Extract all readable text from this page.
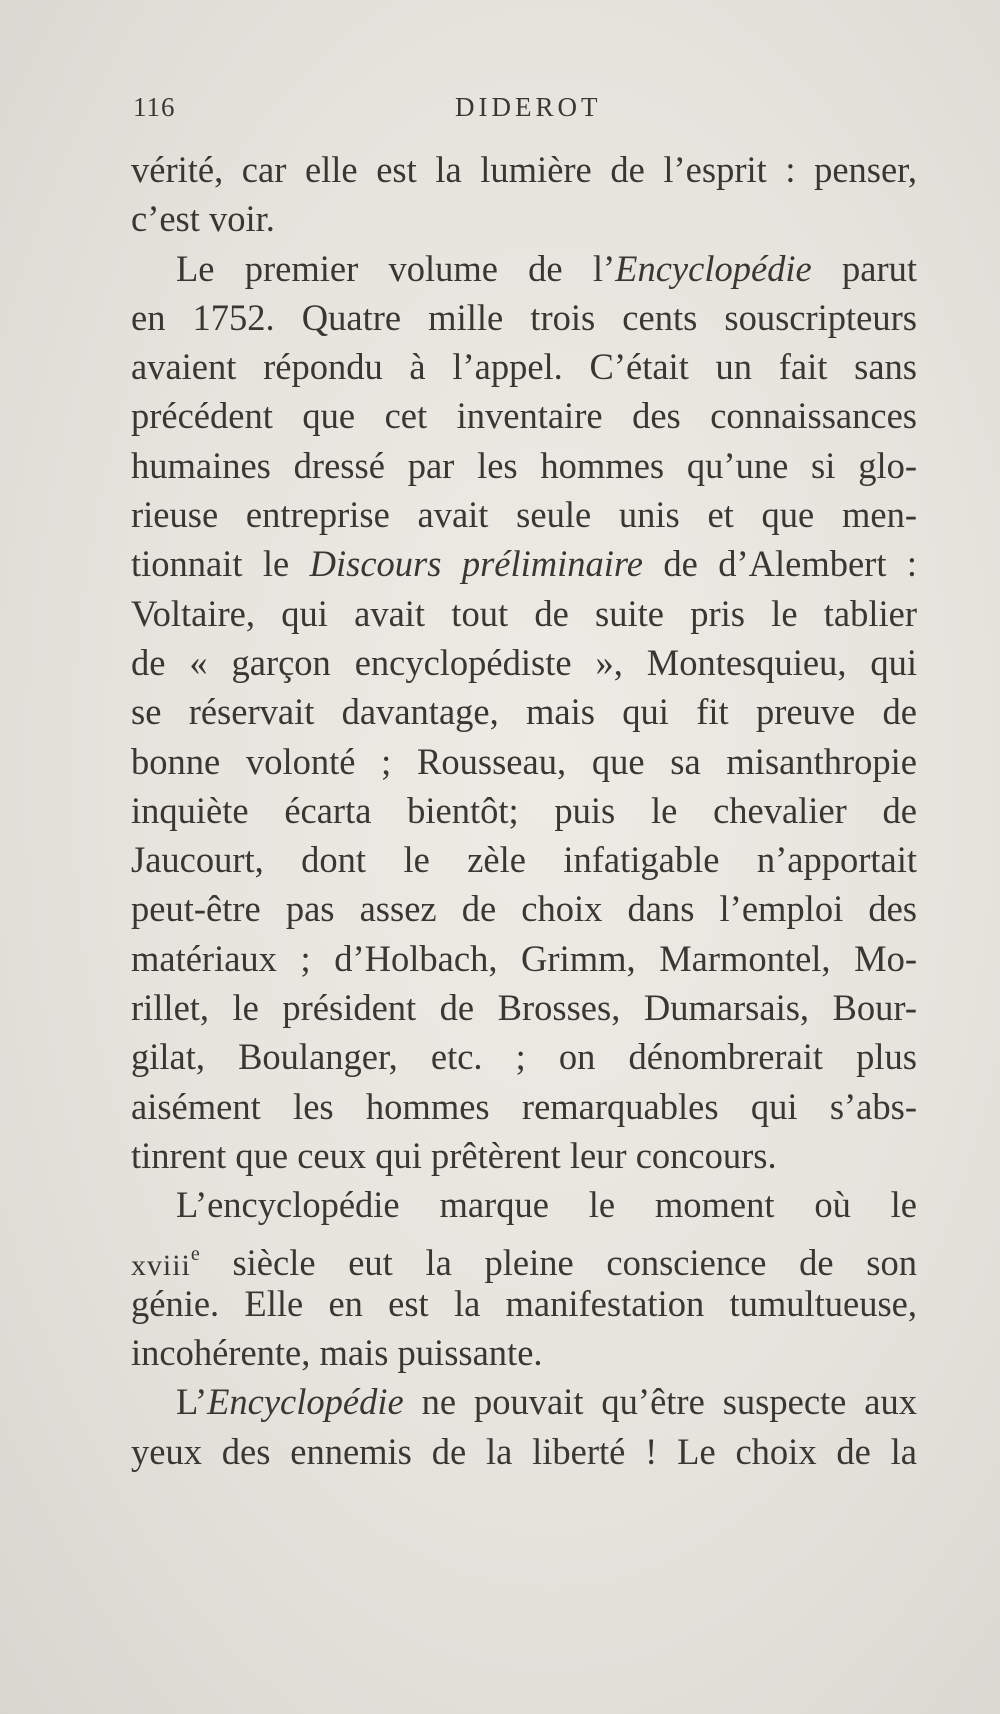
116	DIDEROT
vérité, car elle est la lumière de l’esprit : penser,
c’est voir.
Le premier volume de l’Encyclopédie parut
en 1752. Quatre mille trois cents souscripteurs
avaient répondu à l’appel. C’était un fait sans
précédent que cet inventaire des connaissances
humaines dressé par les hommes qu’une si glo-
rieuse entreprise avait seule unis et que men-
tionnait le Discours préliminaire de d’Alembert :
Voltaire, qui avait tout de suite pris le tablier
de « garçon encyclopédiste », Montesquieu, qui
se réservait davantage, mais qui fit preuve de
bonne volonté ; Rousseau, que sa misanthropie
inquiète écarta bientôt; puis le chevalier de
Jaucourt, dont le zèle infatigable n’apportait
peut-être pas assez de choix dans l’emploi des
matériaux ; d’Holbach, Grimm, Marmontel, Mo-
rillet, le président de Brosses, Dumarsais, Bour-
gilat, Boulanger, etc. ; on dénombrerait plus
aisément les hommes remarquables qui s’abs-
tinrent que ceux qui prêtèrent leur concours.
L’encyclopédie marque le moment où le
xviii$^e$ siècle eut la pleine conscience de son
génie. Elle en est la manifestation tumultueuse,
incohérente, mais puissante.
L’Encyclopédie ne pouvait qu’être suspecte aux
yeux des ennemis de la liberté ! Le choix de la
